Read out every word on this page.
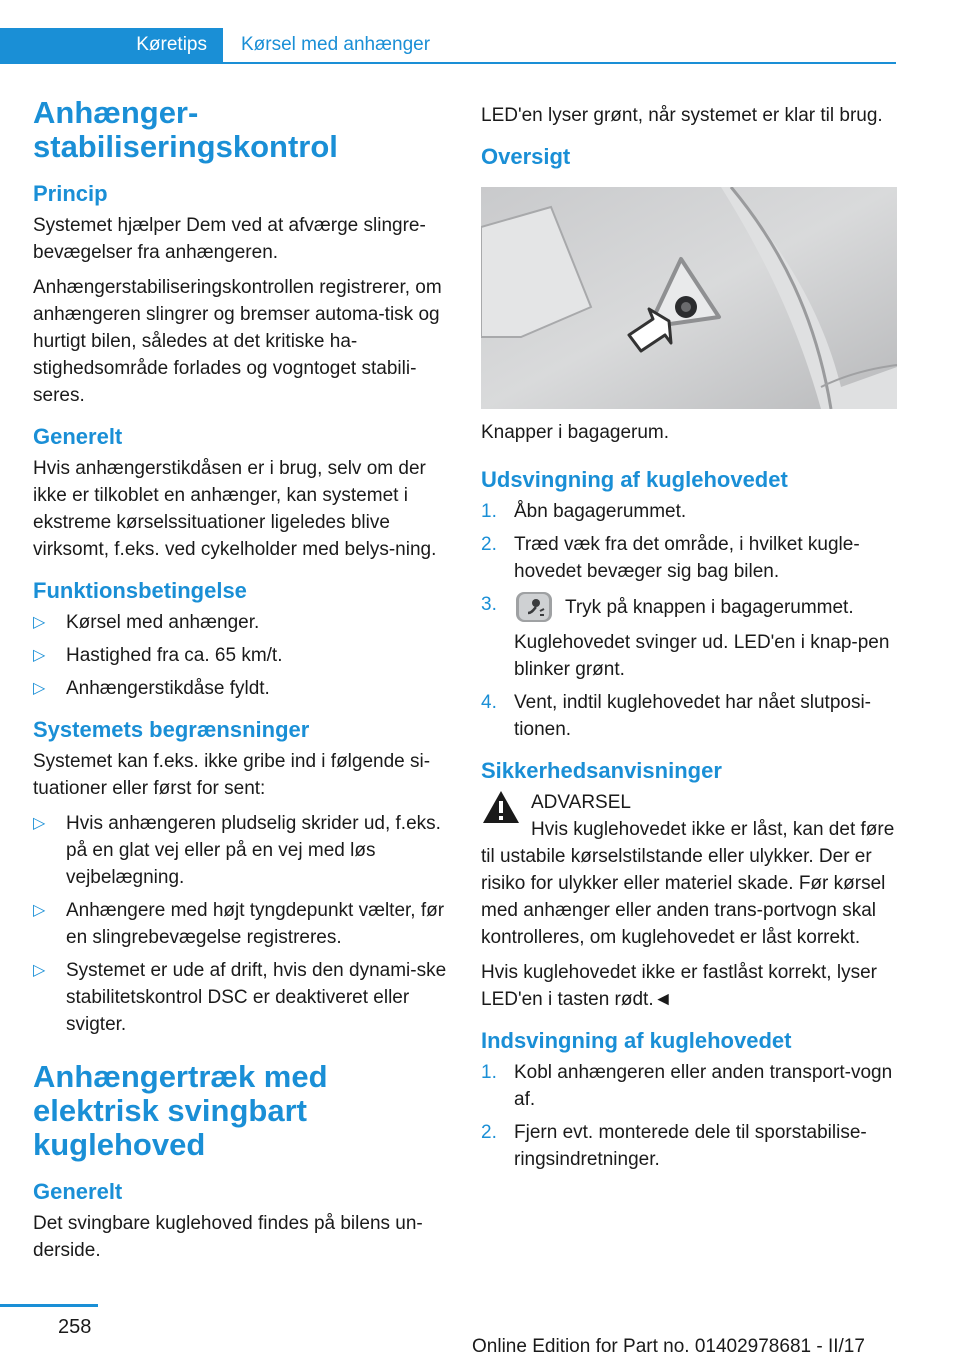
Køretips	Kørsel med anhænger
Anhænger-stabiliseringskontrol
Princip

Systemet hjælper Dem ved at afværge slingre-bevægelser fra anhængeren.

Anhængerstabiliseringskontrollen registrerer, om anhængeren slingrer og bremser automa-tisk og hurtigt bilen, således at det kritiske ha-stighedsområde forlades og vogntoget stabili-seres.

Generelt

Hvis anhængerstikdåsen er i brug, selv om der ikke er tilkoblet en anhænger, kan systemet i ekstreme kørselssituationer ligeledes blive virksomt, f.eks. ved cykelholder med belys-ning.

Funktionsbetingelse
▷ Kørsel med anhænger.
▷ Hastighed fra ca. 65 km/t.
▷ Anhængerstikdåse fyldt.
Systemets begrænsninger

Systemet kan f.eks. ikke gribe ind i følgende si-tuationer eller først for sent:

▷ Hvis anhængeren pludselig skrider ud, f.eks. på en glat vej eller på en vej med løs vejbelægning.
▷ Anhængere med højt tyngdepunkt vælter, før en slingrebevægelse registreres.
▷ Systemet er ude af drift, hvis den dynami-ske stabilitetskontrol DSC er deaktiveret eller svigter.
Anhængertræk med elektrisk svingbart kuglehoved
Generelt

Det svingbare kuglehoved findes på bilens un-derside.

LED'en lyser grønt, når systemet er klar til brug.

Oversigt

Knapper i bagagerum.

Udsvingning af kuglehovedet
1. Åbn bagagerummet.
2. Træd væk fra det område, i hvilket kugle-hovedet bevæger sig bag bilen.
3.	Tryk på knappen i bagagerummet.
Kuglehovedet svinger ud. LED'en i knap-pen blinker grønt.
4. Vent, indtil kuglehovedet har nået slutposi-tionen.
Sikkerhedsanvisninger

ADVARSEL

Hvis kuglehovedet ikke er låst, kan det føre til ustabile kørselstilstande eller ulykker. Der er risiko for ulykker eller materiel skade. Før kørsel med anhænger eller anden trans-portvogn skal kontrolleres, om kuglehovedet er låst korrekt.

Hvis kuglehovedet ikke er fastlåst korrekt, lyser LED'en i tasten rødt.◄

Indsvingning af kuglehovedet
1. Kobl anhængeren eller anden transport-vogn af.
2. Fjern evt. monterede dele til sporstabilise-ringsindretninger.
258
Online Edition for Part no. 01402978681 - II/17
